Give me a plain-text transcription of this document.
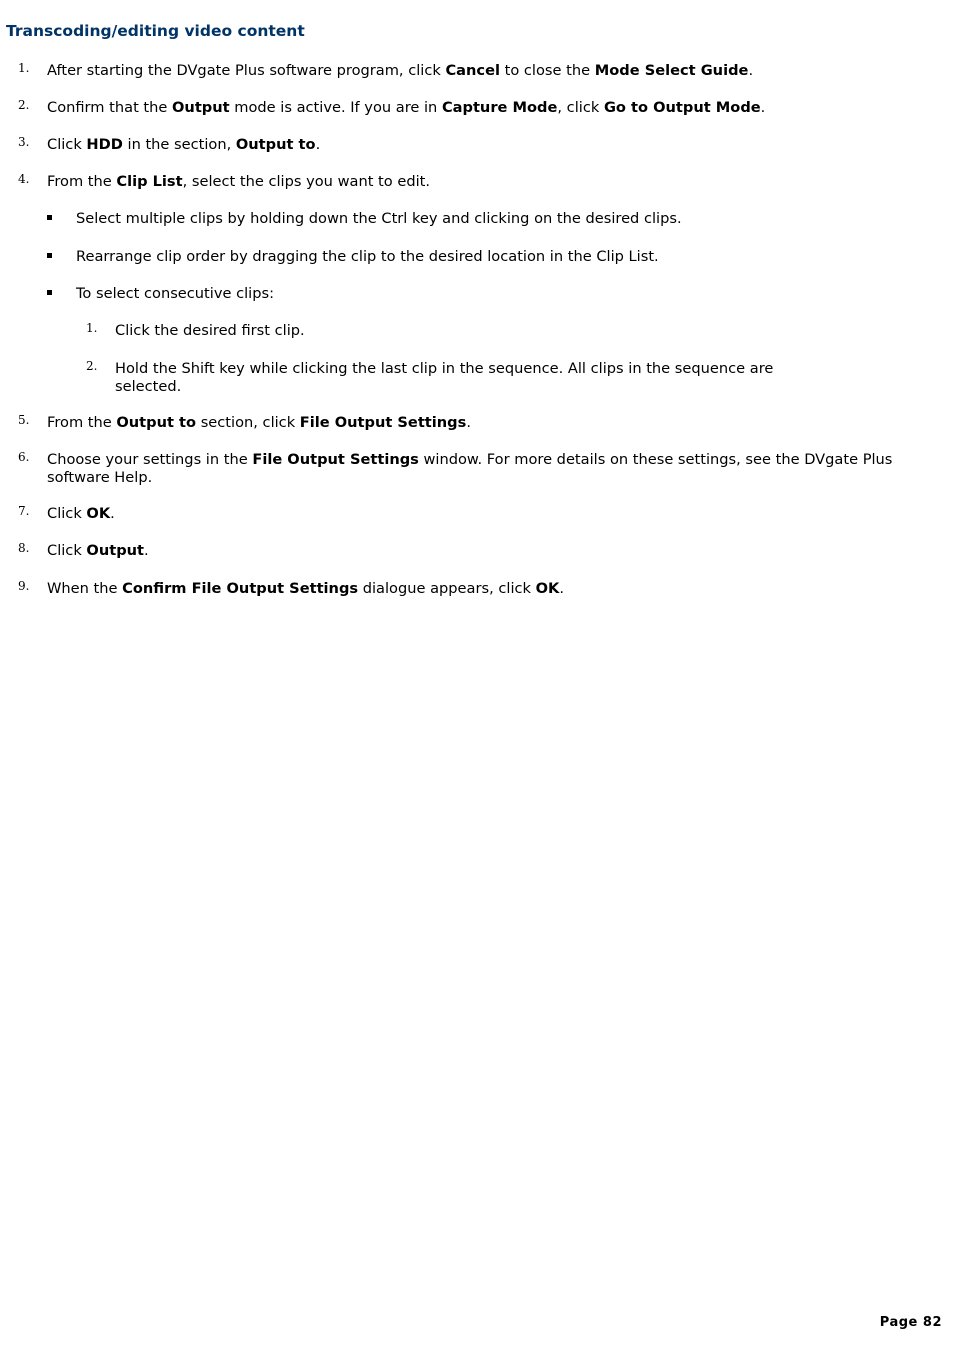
Transcoding/editing video content
1. After starting the DVgate Plus software program, click Cancel to close the Mode Select Guide.
2. Confirm that the Output mode is active. If you are in Capture Mode, click Go to Output Mode.
3. Click HDD in the section, Output to.
4. From the Clip List, select the clips you want to edit.
Select multiple clips by holding down the Ctrl key and clicking on the desired clips.
Rearrange clip order by dragging the clip to the desired location in the Clip List.
To select consecutive clips:
1. Click the desired first clip.
2. Hold the Shift key while clicking the last clip in the sequence. All clips in the sequence are selected.
5. From the Output to section, click File Output Settings.
6. Choose your settings in the File Output Settings window. For more details on these settings, see the DVgate Plus software Help.
7. Click OK.
8. Click Output.
9. When the Confirm File Output Settings dialogue appears, click OK.
Page 82
